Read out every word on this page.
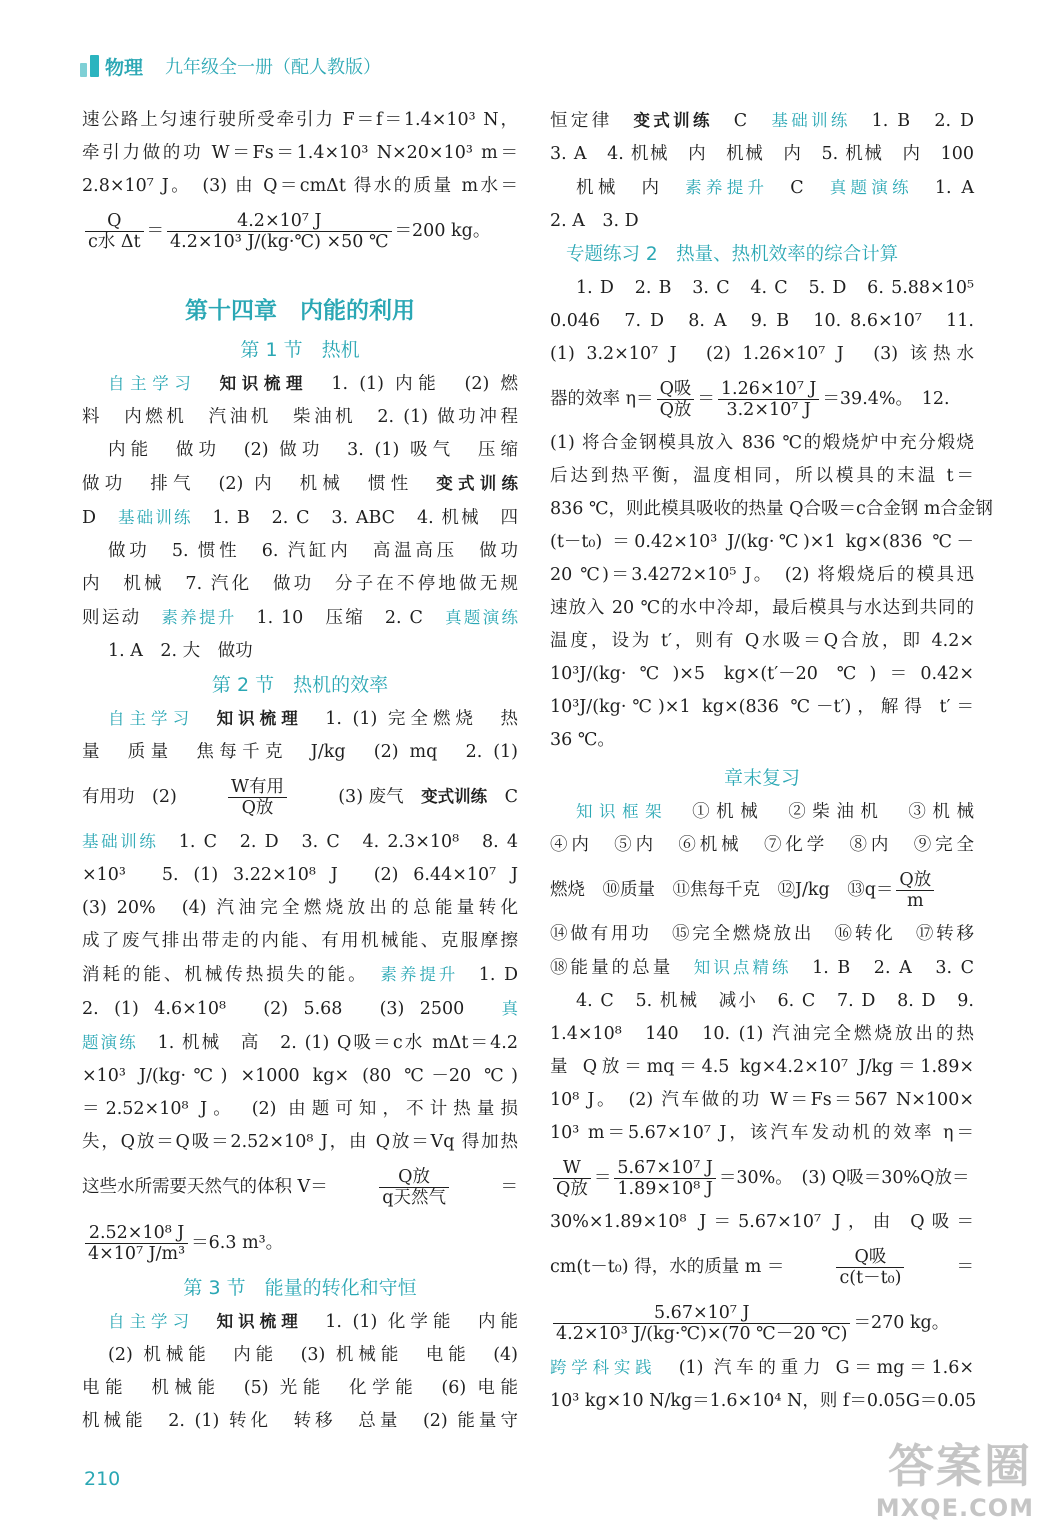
物理 九年级全一册（配人教版）

速公路上匀速行驶所受牵引力 F＝f＝1.4×10³ N，

牵引力做的功 W＝Fs＝1.4×10³ N×20×10³ m＝

2.8×10⁷ J。　(3) 由 Q＝cmΔt 得水的质量 m水＝

$\frac{Q}{\text{c水 Δt}} = \frac{\text{4.2×10⁷ J}}{\text{4.2×10³ J/(kg·℃) ×50 ℃}} =200$ kg。
第十四章　内能的利用
第 1 节　热机

自主学习　 知识梳理　 1. (1) 内能　(2) 燃

料　内燃机　汽油机　柴油机　2. (1) 做功冲程

内能　做功　(2) 做功　3. (1) 吸气　压缩

做功　排气　(2) 内　机械　惯性　变式训练

D　基础训练　 1. B　2. C　3. ABC　4. 机械　四

做功　5. 惯性　6. 汽缸内　高温高压　做功

内　机械　7. 汽化　做功　分子在不停地做无规

则运动　素养提升　 1. 10　压缩　2. C　真题演练

1. A　2. 大　做功

第 2 节　热机的效率

自主学习　 知识梳理　 1. (1) 完全燃烧　热

量　质量　焦每千克　J/kg　(2) mq　2. (1)

有用功　(2)	$\frac{\text{W有用}}{\text{Q放}}$	(3) 废气　变式训练　C

基础训练　 1. C　2. D　3. C　4. 2.3×10⁸　8. 4

×10³　5. (1) 3.22×10⁸ J　(2) 6.44×10⁷ J

(3) 20%　(4) 汽油完全燃烧放出的总能量转化

成了废气排出带走的内能、有用机械能、克服摩擦

消耗的能、机械传热损失的能。　 素养提升　 1. D

2. (1) 4.6×10⁸　(2) 5.68　(3) 2500　真

题演练　 1. 机械　高　2. (1) Q吸＝c水 mΔt＝4.2

×10³ J/(kg·℃) ×1000 kg× (80 ℃－20 ℃)

＝2.52×10⁸ J。　(2) 由题可知，不计热量损

失，Q放＝Q吸＝2.52×10⁸ J，由 Q放＝Vq 得加热

这些水所需要天然气的体积 V＝	$\frac{\text{Q放}}{\text{q天然气}}$	＝
$\frac{\text{2.52×10⁸ J}}{\text{4×10⁷ J/m³}} =6.3$ m³。
第 3 节　能量的转化和守恒

自主学习　 知识梳理　 1. (1) 化学能　内能

(2) 机械能　内能　(3) 机械能　电能　(4)

电能　机械能　(5) 光能　化学能　(6) 电能

机械能　2. (1) 转化　转移　总量　(2) 能量守

恒定律　变式训练　C　基础训练　 1. B　2. D

3. A　4. 机械　内　机械　内　5. 机械　内　100

机械　内　素养提升　C　真题演练　 1. A

2. A　3. D

专题练习 2　热量、热机效率的综合计算

1. D　2. B　3. C　4. C　5. D　6. 5.88×10⁵

0.046　7. D　8. A　9. B　10. 8.6×10⁷　11.

(1) 3.2×10⁷ J　(2) 1.26×10⁷ J　(3) 该热水

器的效率 $\eta= \frac{\text{Q吸}}{\text{Q放}} = \frac{\text{1.26×10⁷ J}}{\text{3.2×10⁷ J}} =39.4\%$。　12.

(1) 将合金钢模具放入 836 ℃的煅烧炉中充分煅烧

后达到热平衡，温度相同，所以模具的末温 t＝

836 ℃，则此模具吸收的热量 Q合吸＝c合金钢 m合金钢

(t－t₀) ＝0.42×10³ J/(kg·℃)×1 kg×(836 ℃－

20 ℃)＝3.4272×10⁵ J。　(2) 将煅烧后的模具迅

速放入 20 ℃的水中冷却，最后模具与水达到共同的

温度，设为 t′，则有 Q水吸＝Q合放，即 4.2×

10³J/(kg·℃)×5 kg×(t′－20 ℃)＝0.42×

10³J/(kg·℃)×1 kg×(836 ℃－t′)，解得 t′＝

36 ℃。

章末复习

知识框架　 ①机械　②柴油机　③机械

④内　⑤内　⑥机械　⑦化学　⑧内　⑨完全

燃烧　⑩质量　⑪焦每千克　⑫J/kg　⑬q＝ $\frac{\text{Q放}}{m}$

⑭做有用功　⑮完全燃烧放出　⑯转化　⑰转移

⑱能量的总量　知识点精练　 1. B　2. A　3. C

4. C　5. 机械　减小　6. C　7. D　8. D　9.

1.4×10⁸　140　10. (1) 汽油完全燃烧放出的热

量 Q放＝mq＝4.5 kg×4.2×10⁷ J/kg＝1.89×

10⁸ J。　(2) 汽车做的功 W＝Fs＝567 N×100×

10³ m＝5.67×10⁷ J，该汽车发动机的效率 η＝

$\frac{W}{\text{Q放}} = \frac{\text{5.67×10⁷ J}}{\text{1.89×10⁸ J}} =30\%$。　(3) Q吸＝30%Q放＝

30%×1.89×10⁸ J＝5.67×10⁷ J，由 Q吸＝

cm(t－t₀) 得，水的质量 m ＝	$\frac{\text{Q吸}}{\text{c(t－t₀)}}$	＝
$\frac{\text{5.67×10⁷ J}}{\text{4.2×10³ J/(kg·℃)×(70 ℃－20 ℃)}} =270$ kg。

跨学科实践　 (1) 汽车的重力 G＝mg＝1.6×

10³ kg×10 N/kg＝1.6×10⁴ N，则 f＝0.05G＝0.05

210	答案圈
MXQE.COM
